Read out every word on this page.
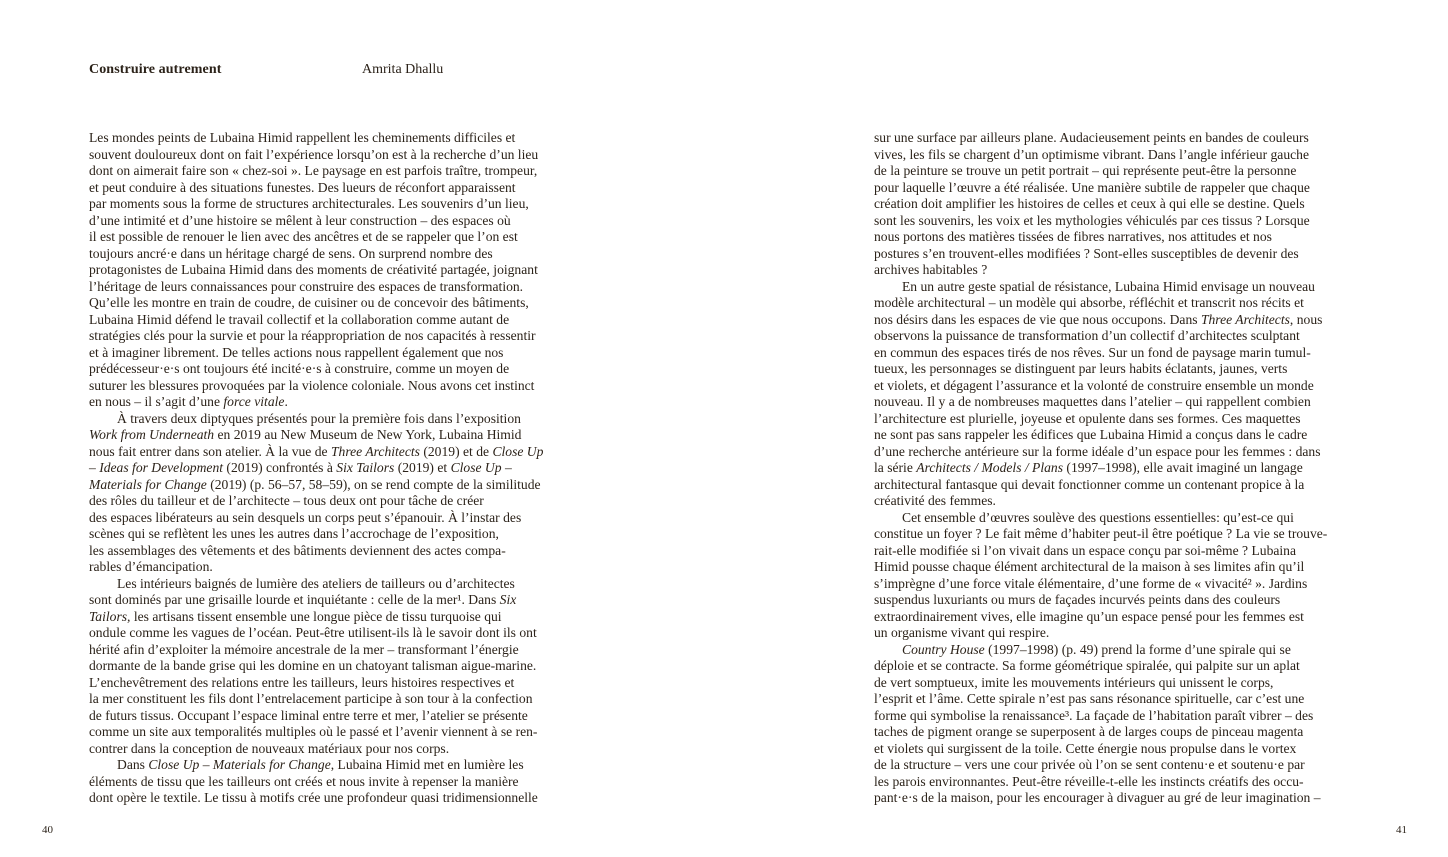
Construire autrement	Amrita Dhallu
Les mondes peints de Lubaina Himid rappellent les cheminements difficiles et
souvent douloureux dont on fait l’expérience lorsqu’on est à la recherche d’un lieu
dont on aimerait faire son « chez-soi ». Le paysage en est parfois traître, trompeur,
et peut conduire à des situations funestes. Des lueurs de réconfort apparaissent
par moments sous la forme de structures architecturales. Les souvenirs d’un lieu,
d’une intimité et d’une histoire se mêlent à leur construction – des espaces où
il est possible de renouer le lien avec des ancêtres et de se rappeler que l’on est
toujours ancré·e dans un héritage chargé de sens. On surprend nombre des
protagonistes de Lubaina Himid dans des moments de créativité partagée, joignant
l’héritage de leurs connaissances pour construire des espaces de transformation.
Qu’elle les montre en train de coudre, de cuisiner ou de concevoir des bâtiments,
Lubaina Himid défend le travail collectif et la collaboration comme autant de
stratégies clés pour la survie et pour la réappropriation de nos capacités à ressentir
et à imaginer librement. De telles actions nous rappellent également que nos
prédécesseur·e·s ont toujours été incité·e·s à construire, comme un moyen de
suturer les blessures provoquées par la violence coloniale. Nous avons cet instinct
en nous – il s’agit d’une force vitale.
À travers deux diptyques présentés pour la première fois dans l’exposition
Work from Underneath en 2019 au New Museum de New York, Lubaina Himid
nous fait entrer dans son atelier. À la vue de Three Architects (2019) et de Close Up
– Ideas for Development (2019) confrontés à Six Tailors (2019) et Close Up –
Materials for Change (2019) (p. 56–57, 58–59), on se rend compte de la similitude
des rôles du tailleur et de l’architecte – tous deux ont pour tâche de créer
des espaces libérateurs au sein desquels un corps peut s’épanouir. À l’instar des
scènes qui se reflètent les unes les autres dans l’accrochage de l’exposition,
les assemblages des vêtements et des bâtiments deviennent des actes compa-
rables d’émancipation.
Les intérieurs baignés de lumière des ateliers de tailleurs ou d’architectes
sont dominés par une grisaille lourde et inquiétante : celle de la mer¹. Dans Six
Tailors, les artisans tissent ensemble une longue pièce de tissu turquoise qui
ondule comme les vagues de l’océan. Peut-être utilisent-ils là le savoir dont ils ont
hérité afin d’exploiter la mémoire ancestrale de la mer – transformant l’énergie
dormante de la bande grise qui les domine en un chatoyant talisman aigue-marine.
L’enchevêtrement des relations entre les tailleurs, leurs histoires respectives et
la mer constituent les fils dont l’entrelacement participe à son tour à la confection
de futurs tissus. Occupant l’espace liminal entre terre et mer, l’atelier se présente
comme un site aux temporalités multiples où le passé et l’avenir viennent à se ren-
contrer dans la conception de nouveaux matériaux pour nos corps.
Dans Close Up – Materials for Change, Lubaina Himid met en lumière les
éléments de tissu que les tailleurs ont créés et nous invite à repenser la manière
dont opère le textile. Le tissu à motifs crée une profondeur quasi tridimensionnelle
sur une surface par ailleurs plane. Audacieusement peints en bandes de couleurs
vives, les fils se chargent d’un optimisme vibrant. Dans l’angle inférieur gauche
de la peinture se trouve un petit portrait – qui représente peut-être la personne
pour laquelle l’œuvre a été réalisée. Une manière subtile de rappeler que chaque
création doit amplifier les histoires de celles et ceux à qui elle se destine. Quels
sont les souvenirs, les voix et les mythologies véhiculés par ces tissus ? Lorsque
nous portons des matières tissées de fibres narratives, nos attitudes et nos
postures s’en trouvent-elles modifiées ? Sont-elles susceptibles de devenir des
archives habitables ?
En un autre geste spatial de résistance, Lubaina Himid envisage un nouveau
modèle architectural – un modèle qui absorbe, réfléchit et transcrit nos récits et
nos désirs dans les espaces de vie que nous occupons. Dans Three Architects, nous
observons la puissance de transformation d’un collectif d’architectes sculptant
en commun des espaces tirés de nos rêves. Sur un fond de paysage marin tumul-
tueux, les personnages se distinguent par leurs habits éclatants, jaunes, verts
et violets, et dégagent l’assurance et la volonté de construire ensemble un monde
nouveau. Il y a de nombreuses maquettes dans l’atelier – qui rappellent combien
l’architecture est plurielle, joyeuse et opulente dans ses formes. Ces maquettes
ne sont pas sans rappeler les édifices que Lubaina Himid a conçus dans le cadre
d’une recherche antérieure sur la forme idéale d’un espace pour les femmes : dans
la série Architects / Models / Plans (1997–1998), elle avait imaginé un langage
architectural fantasque qui devait fonctionner comme un contenant propice à la
créativité des femmes.
Cet ensemble d’œuvres soulève des questions essentielles: qu’est-ce qui
constitue un foyer ? Le fait même d’habiter peut-il être poétique ? La vie se trouve-
rait-elle modifiée si l’on vivait dans un espace conçu par soi-même ? Lubaina
Himid pousse chaque élément architectural de la maison à ses limites afin qu’il
s’imprègne d’une force vitale élémentaire, d’une forme de « vivacité² ». Jardins
suspendus luxuriants ou murs de façades incurvés peints dans des couleurs
extraordinairement vives, elle imagine qu’un espace pensé pour les femmes est
un organisme vivant qui respire.
Country House (1997–1998) (p. 49) prend la forme d’une spirale qui se
déploie et se contracte. Sa forme géométrique spiralée, qui palpite sur un aplat
de vert somptueux, imite les mouvements intérieurs qui unissent le corps,
l’esprit et l’âme. Cette spirale n’est pas sans résonance spirituelle, car c’est une
forme qui symbolise la renaissance³. La façade de l’habitation paraît vibrer – des
taches de pigment orange se superposent à de larges coups de pinceau magenta
et violets qui surgissent de la toile. Cette énergie nous propulse dans le vortex
de la structure – vers une cour privée où l’on se sent contenu·e et soutenu·e par
les parois environnantes. Peut-être réveille-t-elle les instincts créatifs des occu-
pant·e·s de la maison, pour les encourager à divaguer au gré de leur imagination –
40	41
